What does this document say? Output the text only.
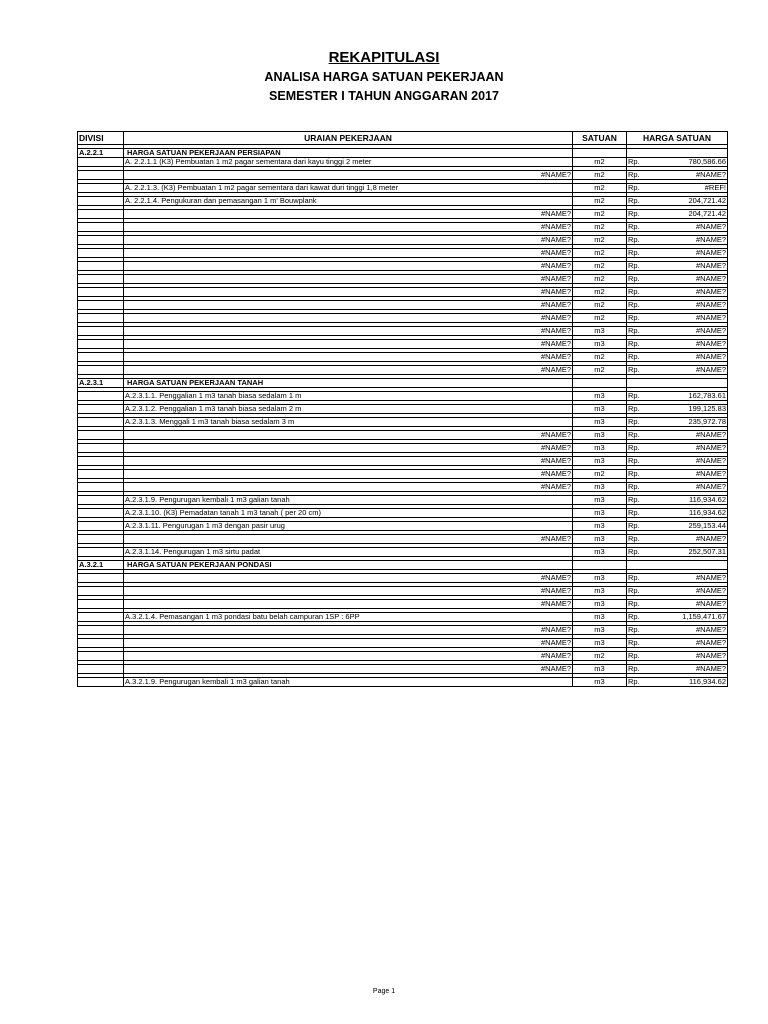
REKAPITULASI
ANALISA HARGA SATUAN PEKERJAAN
SEMESTER I TAHUN ANGGARAN 2017
DIVISI	URAIAN PEKERJAAN	SATUAN	HARGA SATUAN	

A.2.2.1	HARGA SATUAN PEKERJAAN PERSIAPAN			
	A. 2.2.1.1 (K3) Pembuatan 1 m2 pagar sementara dari kayu tinggi 2 meter	m2	Rp.	780,586.66

	#NAME?	m2	Rp.	#NAME?

	A. 2.2.1.3. (K3) Pembuatan 1 m2 pagar sementara dari kawat duri tinggi 1,8 meter	m2	Rp.	#REF!

	A. 2.2.1.4. Pengukuran dan pemasangan 1 m' Bouwplank	m2	Rp.	204,721.42

	#NAME?	m2	Rp.	204,721.42

	#NAME?	m2	Rp.	#NAME?

	#NAME?	m2	Rp.	#NAME?

	#NAME?	m2	Rp.	#NAME?

	#NAME?	m2	Rp.	#NAME?

	#NAME?	m2	Rp.	#NAME?

	#NAME?	m2	Rp.	#NAME?

	#NAME?	m2	Rp.	#NAME?

	#NAME?	m2	Rp.	#NAME?

	#NAME?	m3	Rp.	#NAME?

	#NAME?	m3	Rp.	#NAME?

	#NAME?	m2	Rp.	#NAME?

	#NAME?	m2	Rp.	#NAME?

A.2.3.1	HARGA SATUAN PEKERJAAN TANAH			

	A.2.3.1.1. Penggalian 1 m3 tanah biasa sedalam 1 m	m3	Rp.	162,783.61

	A.2.3.1.2. Penggalian 1 m3 tanah biasa sedalam 2 m	m3	Rp.	199,125.83

	A.2.3.1.3. Menggali 1 m3 tanah biasa sedalam 3 m	m3	Rp.	235,972.78

	#NAME?	m3	Rp.	#NAME?

	#NAME?	m3	Rp.	#NAME?

	#NAME?	m3	Rp.	#NAME?

	#NAME?	m2	Rp.	#NAME?

	#NAME?	m3	Rp.	#NAME?

	A.2.3.1.9. Pengurugan kembali 1 m3 galian tanah	m3	Rp.	116,934.62

	A.2.3.1.10. (K3) Pemadatan tanah 1 m3 tanah ( per 20 cm)	m3	Rp.	116,934.62

	A.2.3.1.11. Pengurugan 1 m3 dengan pasir urug	m3	Rp.	259,153.44

	#NAME?	m3	Rp.	#NAME?

	A.2.3.1.14. Pengurugan 1 m3 sirtu padat	m3	Rp.	252,507.31

A.3.2.1	HARGA SATUAN PEKERJAAN PONDASI			

	#NAME?	m3	Rp.	#NAME?

	#NAME?	m3	Rp.	#NAME?

	#NAME?	m3	Rp.	#NAME?

	A.3.2.1.4. Pemasangan 1 m3 pondasi batu belah campuran 1SP : 6PP	m3	Rp.	1,159,471.67

	#NAME?	m3	Rp.	#NAME?

	#NAME?	m3	Rp.	#NAME?

	#NAME?	m2	Rp.	#NAME?

	#NAME?	m3	Rp.	#NAME?

	A.3.2.1.9. Pengurugan kembali 1 m3 galian tanah	m3	Rp.	116,934.62
Page 1
